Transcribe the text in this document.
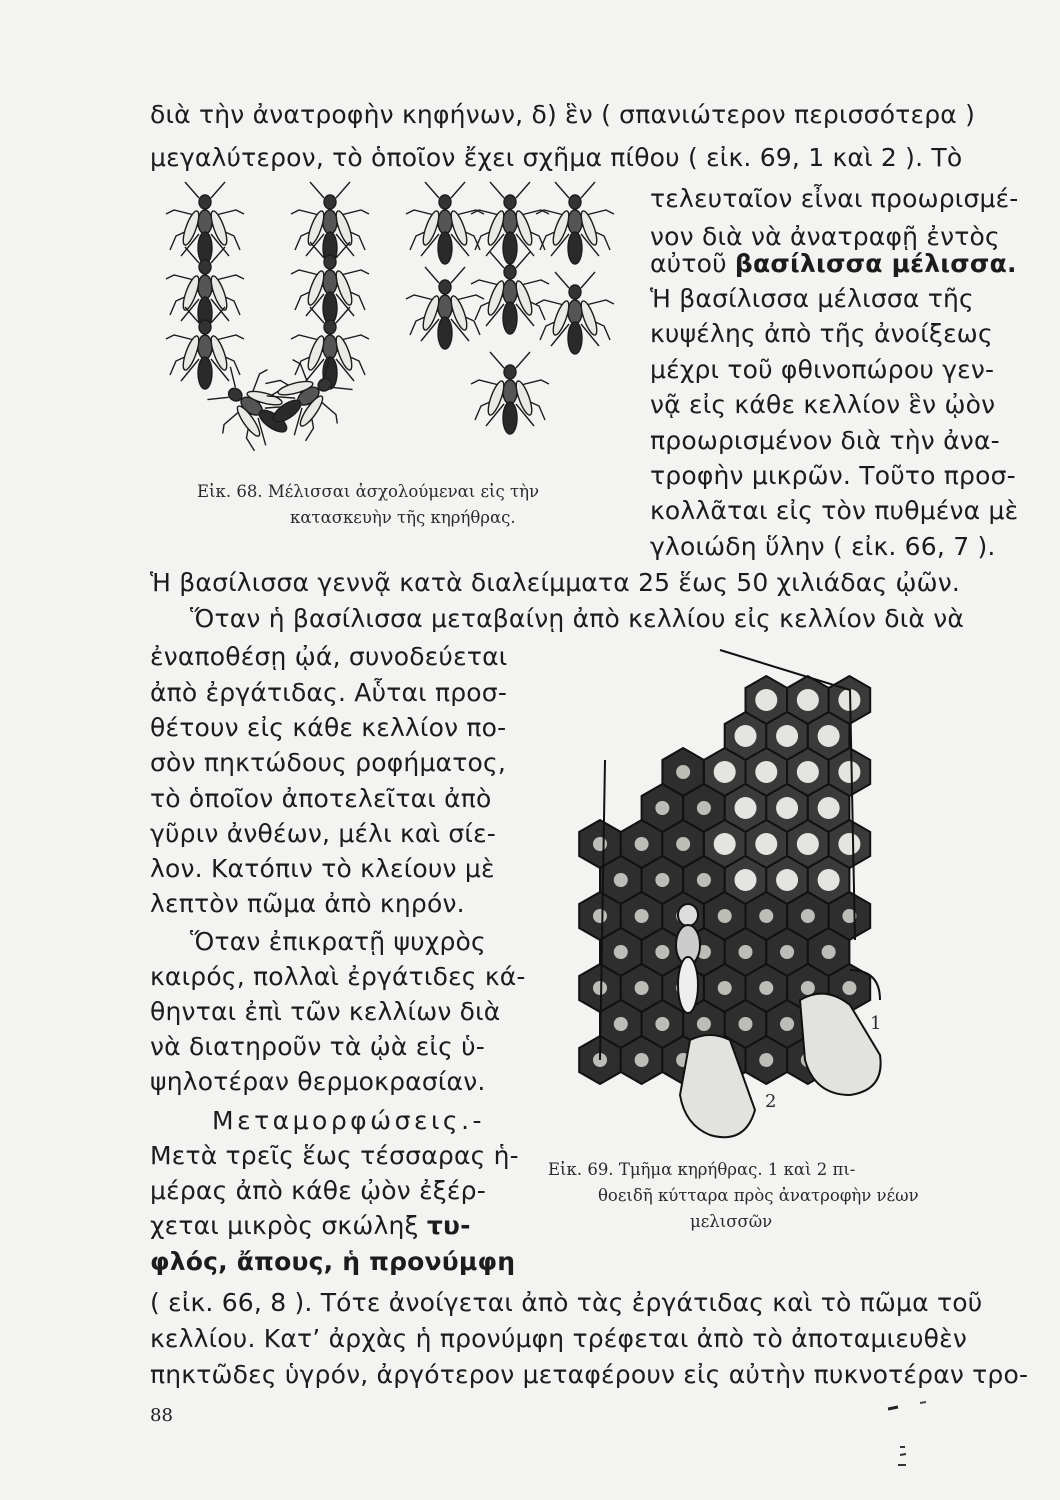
διὰ τὴν ἀνατροφὴν κηφήνων, δ) ἓν ( σπανιώτερον περισσότερα )
μεγαλύτερον, τὸ ὁποῖον ἔχει σχῆμα πίθου ( εἰκ. 69, 1 καὶ 2 ). Τὸ
τελευταῖον εἶναι προωρισμέ-
νον διὰ νὰ ἀνατραφῇ ἐντὸς
αὐτοῦ βασίλισσα μέλισσα.
Ἡ βασίλισσα μέλισσα τῆς
κυψέλης ἀπὸ τῆς ἀνοίξεως
μέχρι τοῦ φθινοπώρου γεν-
νᾷ εἰς κάθε κελλίον ἓν ᾠὸν
προωρισμένον διὰ τὴν ἀνα-
τροφὴν μικρῶν. Τοῦτο προσ-
κολλᾶται εἰς τὸν πυθμένα μὲ
γλοιώδη ὕλην ( εἰκ. 66, 7 ).
Ἡ βασίλισσα γεννᾷ κατὰ διαλείμματα 25 ἕως 50 χιλιάδας ᾠῶν.
Ὅταν ἡ βασίλισσα μεταβαίνῃ ἀπὸ κελλίου εἰς κελλίον διὰ νὰ
ἐναποθέσῃ ᾠά, συνοδεύεται
ἀπὸ ἐργάτιδας. Αὗται προσ-
θέτουν εἰς κάθε κελλίον πο-
σὸν πηκτώδους ροφήματος,
τὸ ὁποῖον ἀποτελεῖται ἀπὸ
γῦριν ἀνθέων, μέλι καὶ σίε-
λον. Κατόπιν τὸ κλείουν μὲ
λεπτὸν πῶμα ἀπὸ κηρόν.
Ὅταν ἐπικρατῇ ψυχρὸς
καιρός, πολλαὶ ἐργάτιδες κά-
θηνται ἐπὶ τῶν κελλίων διὰ
νὰ διατηροῦν τὰ ᾠὰ εἰς ὑ-
ψηλοτέραν θερμοκρασίαν.
Μεταμορφώσεις.-
Μετὰ τρεῖς ἕως τέσσαρας ἡ-
μέρας ἀπὸ κάθε ᾠὸν ἐξέρ-
χεται μικρὸς σκώληξ τυ-
φλός, ἄπους, ἡ προνύμφη
( εἰκ. 66, 8 ). Τότε ἀνοίγεται ἀπὸ τὰς ἐργάτιδας καὶ τὸ πῶμα τοῦ
κελλίου. Κατ’ ἀρχὰς ἡ προνύμφη τρέφεται ἀπὸ τὸ ἀποταμιευθὲν
πηκτῶδες ὑγρόν, ἀργότερον μεταφέρουν εἰς αὐτὴν πυκνοτέραν τρο-
Εἰκ. 68. Μέλισσαι ἀσχολούμεναι εἰς τὴν
κατασκευὴν τῆς κηρήθρας.
1
2
Εἰκ. 69. Τμῆμα κηρήθρας. 1 καὶ 2 πι-
θοειδῆ κύτταρα πρὸς ἀνατροφὴν νέων
μελισσῶν
88
